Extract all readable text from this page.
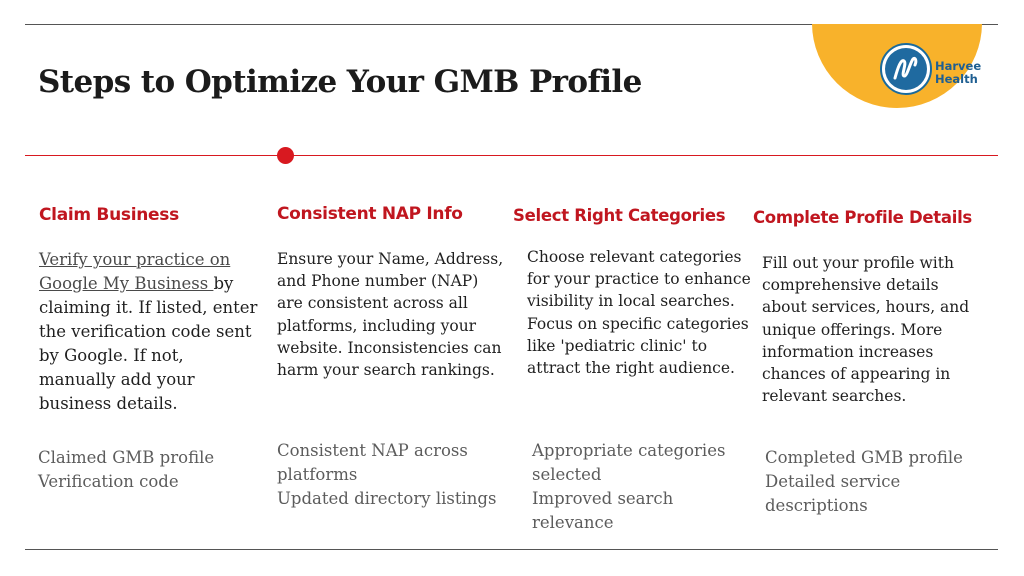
Steps to Optimize Your GMB Profile	Harvee
Health
Claim Business

Verify your practice on Google My Business by claiming it. If listed, enter the verification code sent by Google. If not, manually add your business details.

Claimed GMB profile
Verification code
Consistent NAP Info

Ensure your Name, Address, and Phone number (NAP) are consistent across all platforms, including your website. Inconsistencies can harm your search rankings.

Consistent NAP across platforms
Updated directory listings
Select Right Categories

Choose relevant categories for your practice to enhance visibility in local searches. Focus on specific categories like 'pediatric clinic' to attract the right audience.

Appropriate categories selected
Improved search relevance
Complete Profile Details

Fill out your profile with comprehensive details about services, hours, and unique offerings. More information increases chances of appearing in relevant searches.

Completed GMB profile
Detailed service descriptions
